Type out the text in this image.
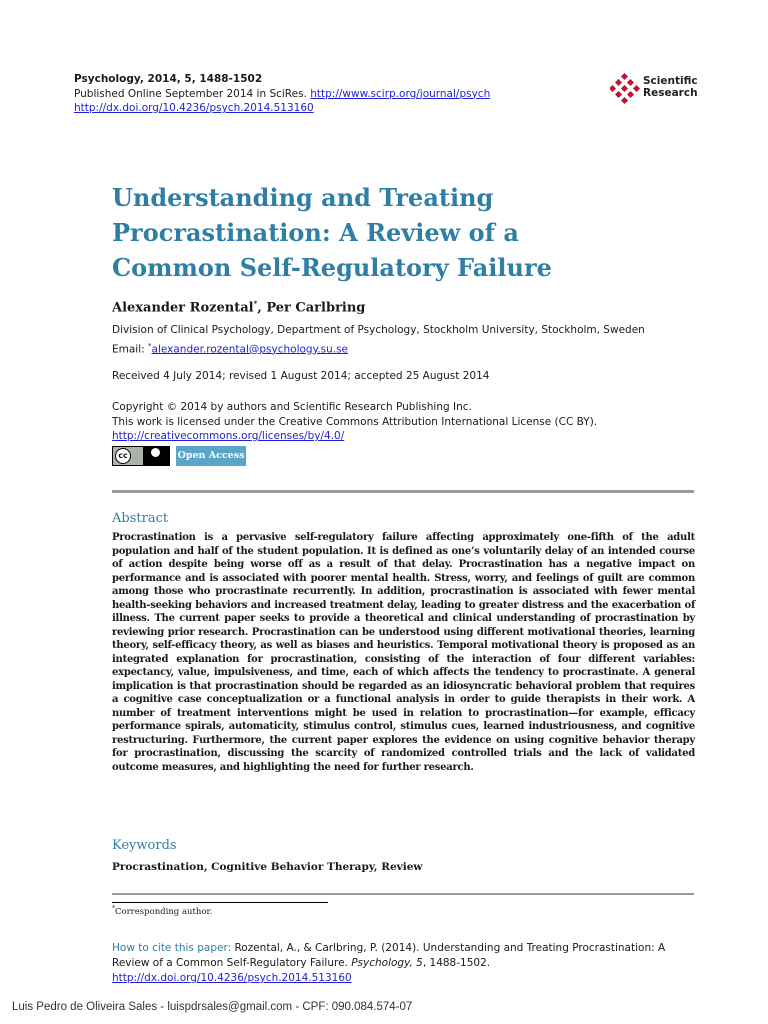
Psychology, 2014, 5, 1488-1502
Published Online September 2014 in SciRes. http://www.scirp.org/journal/psych
http://dx.doi.org/10.4236/psych.2014.513160
Scientific
Research
Understanding and Treating
Procrastination: A Review of a
Common Self-Regulatory Failure
Alexander Rozental*, Per Carlbring
Division of Clinical Psychology, Department of Psychology, Stockholm University, Stockholm, Sweden
Email: *alexander.rozental@psychology.su.se
Received 4 July 2014; revised 1 August 2014; accepted 25 August 2014
Copyright © 2014 by authors and Scientific Research Publishing Inc.
This work is licensed under the Creative Commons Attribution International License (CC BY).
http://creativecommons.org/licenses/by/4.0/
cc	Open Access
Abstract
Procrastination is a pervasive self-regulatory failure affecting approximately one-fifth of the adult population and half of the student population. It is defined as one’s voluntarily delay of an intended course of action despite being worse off as a result of that delay. Procrastination has a negative impact on performance and is associated with poorer mental health. Stress, worry, and feelings of guilt are common among those who procrastinate recurrently. In addition, procrastination is associated with fewer mental health-seeking behaviors and increased treatment delay, leading to greater distress and the exacerbation of illness. The current paper seeks to provide a theoretical and clinical understanding of procrastination by reviewing prior research. Procrastination can be understood using different motivational theories, learning theory, self-efficacy theory, as well as biases and heuristics. Temporal motivational theory is proposed as an integrated explanation for procrastination, consisting of the interaction of four different variables: expectancy, value, impulsiveness, and time, each of which affects the tendency to procrastinate. A general implication is that procrastination should be regarded as an idiosyncratic behavioral problem that requires a cognitive case conceptualization or a functional analysis in order to guide therapists in their work. A number of treatment interventions might be used in relation to procrastination—for example, efficacy performance spirals, automaticity, stimulus control, stimulus cues, learned industriousness, and cognitive restructuring. Furthermore, the current paper explores the evidence on using cognitive behavior therapy for procrastination, discussing the scarcity of randomized controlled trials and the lack of validated outcome measures, and highlighting the need for further research.
Keywords
Procrastination, Cognitive Behavior Therapy, Review
*Corresponding author.
How to cite this paper: Rozental, A., & Carlbring, P. (2014). Understanding and Treating Procrastination: A Review of a Common Self-Regulatory Failure. Psychology, 5, 1488-1502. http://dx.doi.org/10.4236/psych.2014.513160
Luis Pedro de Oliveira Sales - luispdrsales@gmail.com - CPF: 090.084.574-07
